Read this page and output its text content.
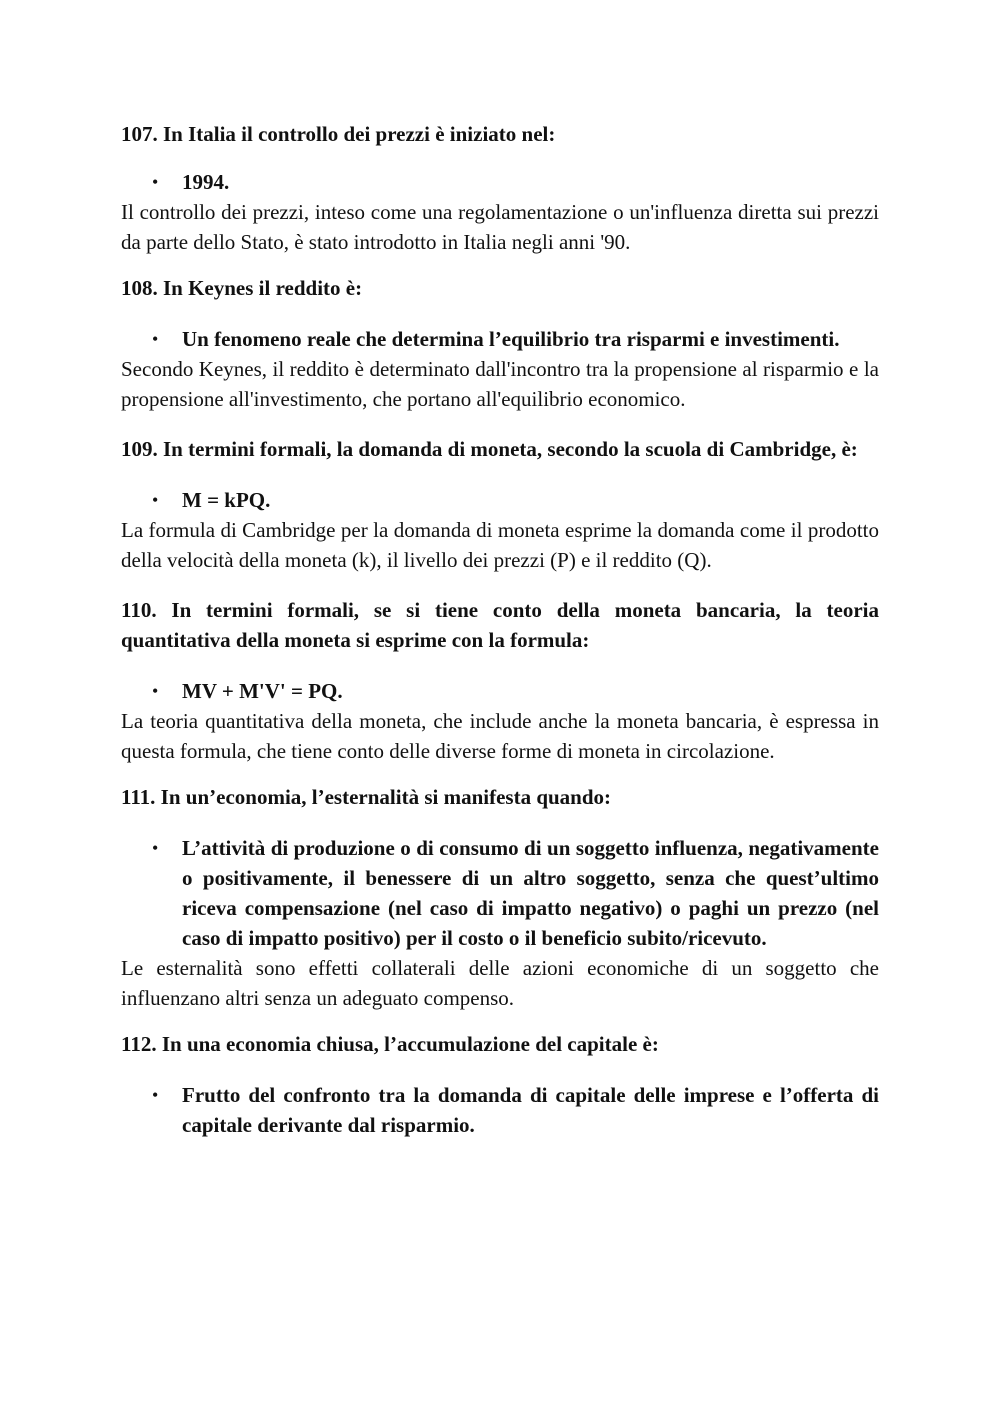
107. In Italia il controllo dei prezzi è iniziato nel:

• 1994.

Il controllo dei prezzi, inteso come una regolamentazione o un'influenza diretta sui prezzi da parte dello Stato, è stato introdotto in Italia negli anni '90.

108. In Keynes il reddito è:

• Un fenomeno reale che determina l’equilibrio tra risparmi e investimenti.

Secondo Keynes, il reddito è determinato dall'incontro tra la propensione al risparmio e la propensione all'investimento, che portano all'equilibrio economico.

109. In termini formali, la domanda di moneta, secondo la scuola di Cambridge, è:

• M = kPQ.

La formula di Cambridge per la domanda di moneta esprime la domanda come il prodotto della velocità della moneta (k), il livello dei prezzi (P) e il reddito (Q).

110. In termini formali, se si tiene conto della moneta bancaria, la teoria quantitativa della moneta si esprime con la formula:

• MV + M'V' = PQ.

La teoria quantitativa della moneta, che include anche la moneta bancaria, è espressa in questa formula, che tiene conto delle diverse forme di moneta in circolazione.

111. In un’economia, l’esternalità si manifesta quando:

• L’attività di produzione o di consumo di un soggetto influenza, negativamente o positivamente, il benessere di un altro soggetto, senza che quest’ultimo riceva compensazione (nel caso di impatto negativo) o paghi un prezzo (nel caso di impatto positivo) per il costo o il beneficio subito/ricevuto.

Le esternalità sono effetti collaterali delle azioni economiche di un soggetto che influenzano altri senza un adeguato compenso.

112. In una economia chiusa, l’accumulazione del capitale è:

• Frutto del confronto tra la domanda di capitale delle imprese e l’offerta di capitale derivante dal risparmio.
